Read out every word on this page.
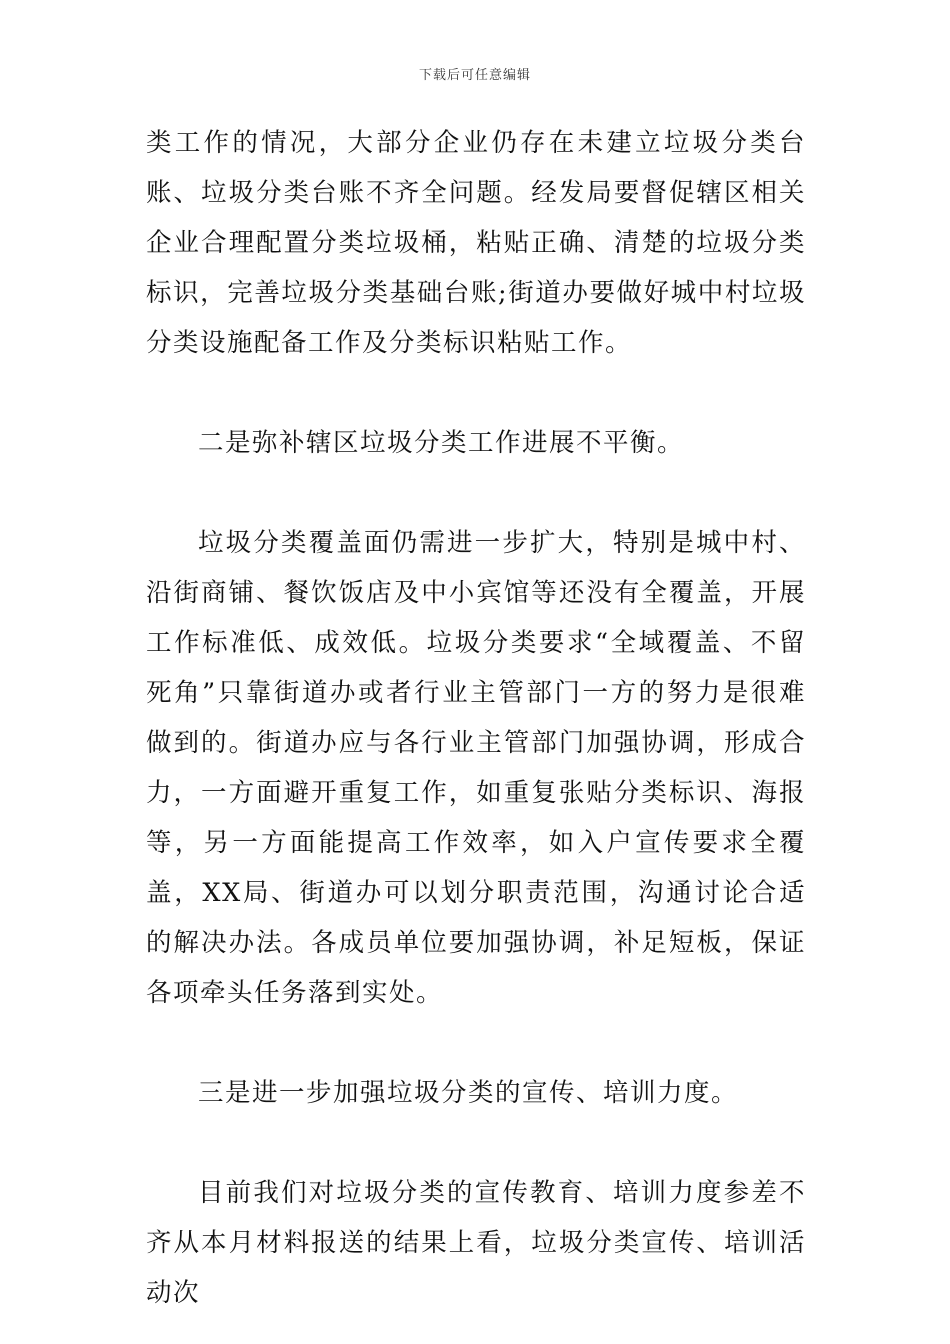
下载后可任意编辑

类工作的情况，大部分企业仍存在未建立垃圾分类台账、垃圾分类台账不齐全问题。经发局要督促辖区相关企业合理配置分类垃圾桶，粘贴正确、清楚的垃圾分类标识，完善垃圾分类基础台账;街道办要做好城中村垃圾分类设施配备工作及分类标识粘贴工作。

二是弥补辖区垃圾分类工作进展不平衡。

垃圾分类覆盖面仍需进一步扩大，特别是城中村、沿街商铺、餐饮饭店及中小宾馆等还没有全覆盖，开展工作标准低、成效低。垃圾分类要求“全域覆盖、不留死角”只靠街道办或者行业主管部门一方的努力是很难做到的。街道办应与各行业主管部门加强协调，形成合力，一方面避开重复工作，如重复张贴分类标识、海报等，另一方面能提高工作效率，如入户宣传要求全覆盖，XX局、街道办可以划分职责范围，沟通讨论合适的解决办法。各成员单位要加强协调，补足短板，保证各项牵头任务落到实处。

三是进一步加强垃圾分类的宣传、培训力度。

目前我们对垃圾分类的宣传教育、培训力度参差不齐从本月材料报送的结果上看，垃圾分类宣传、培训活动次
